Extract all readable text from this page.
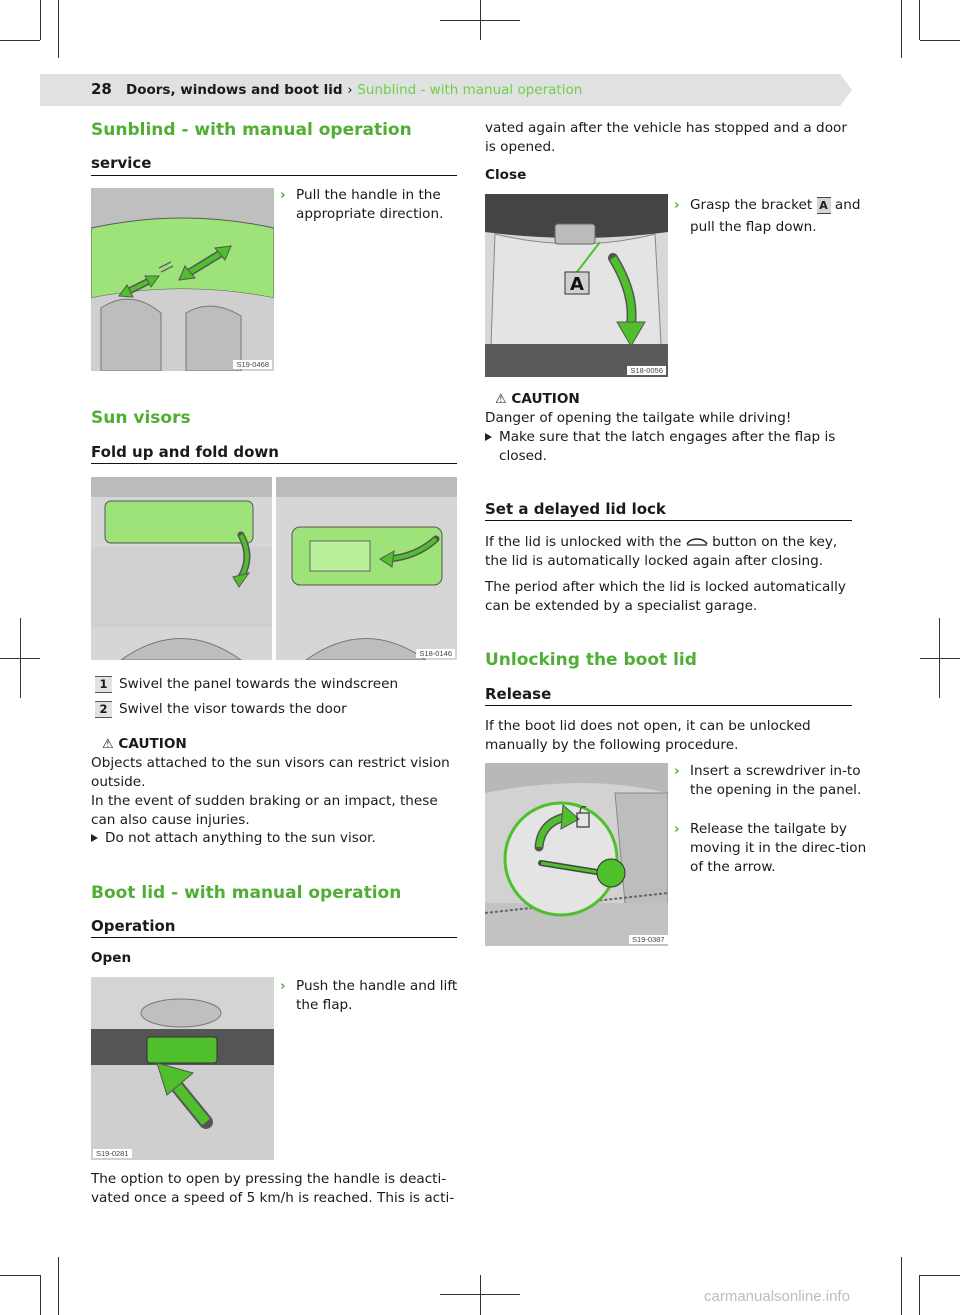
28 Doors, windows and boot lid › Sunblind - with manual operation
Sunblind - with manual operation
service
S19-0468
› Pull the handle in the appropriate direction.
Sun visors
Fold up and fold down
S18-0146
1 Swivel the panel towards the windscreen
2 Swivel the visor towards the door
⚠ CAUTION
Objects attached to the sun visors can restrict vision outside.
In the event of sudden braking or an impact, these can also cause injuries.
Do not attach anything to the sun visor.
Boot lid - with manual operation
Operation
Open
S19-0281
› Push the handle and lift the flap.
The option to open by pressing the handle is deacti-
vated once a speed of 5 km/h is reached. This is acti-
vated again after the vehicle has stopped and a door
is opened.
Close
A
S18-0056
› Grasp the bracket A and pull the flap down.
⚠ CAUTION
Danger of opening the tailgate while driving!
Make sure that the latch engages after the flap is closed.
Set a delayed lid lock
If the lid is unlocked with the button on the key, the lid is automatically locked again after closing.
The period after which the lid is locked automatically can be extended by a specialist garage.
Unlocking the boot lid
Release
If the boot lid does not open, it can be unlocked manually by the following procedure.
S19-0387
› Insert a screwdriver in-to the opening in the panel.
› Release the tailgate by moving it in the direc-tion of the arrow.
carmanualsonline.info
